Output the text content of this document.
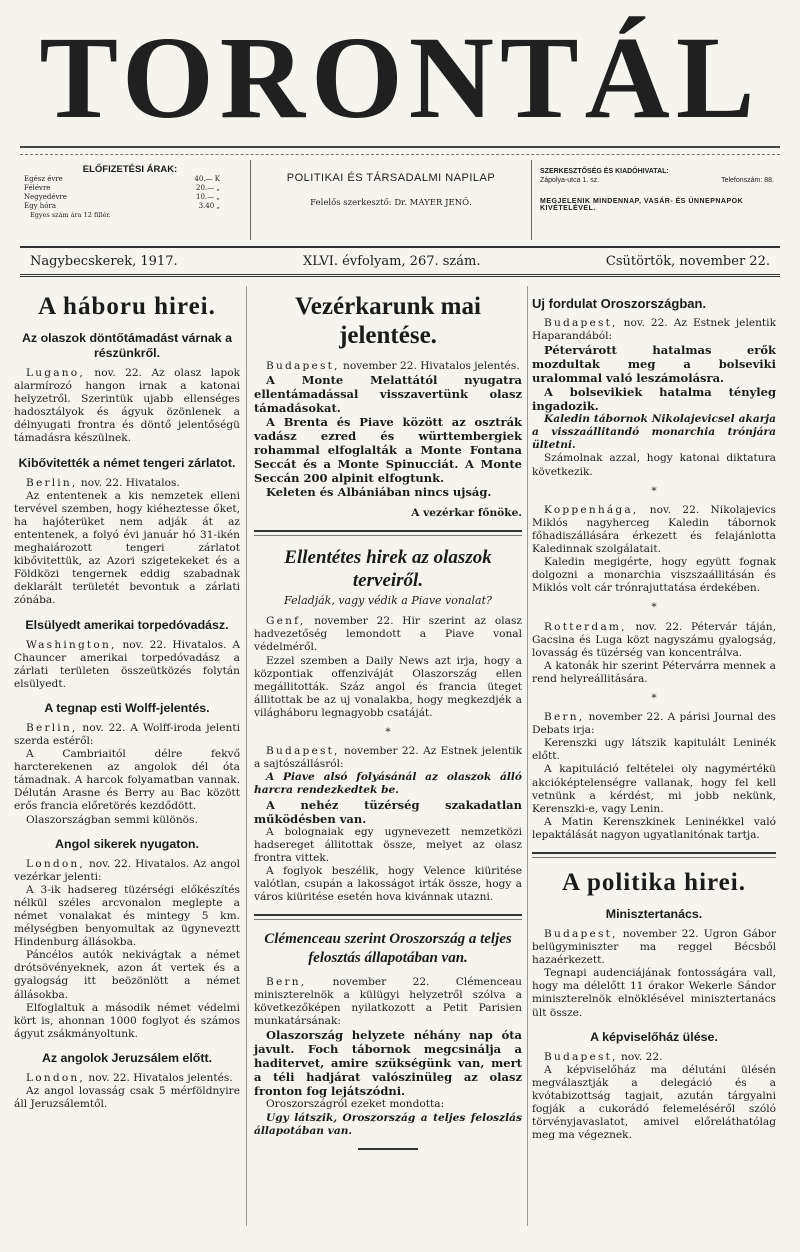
TORONTÁL
ELŐFIZETÉSI ÁRAK:
Egész évre	40.— K
Félévre	20.— „
Negyedévre	10.— „
Egy hóra	3.40 „
Egyes szám ára 12 fillér.
POLITIKAI ÉS TÁRSADALMI NAPILAP
Felelős szerkesztő: Dr. MAYER JENŐ.
SZERKESZTŐSÉG ÉS KIADÓHIVATAL:
Zápolya-utca 1. sz.	Telefonszám: 88.
MEGJELENIK MINDENNAP, VASÁR- ÉS ÜNNEPNAPOK KIVÉTELÉVEL.
Nagybecskerek, 1917.	XLVI. évfolyam, 267. szám.	Csütörtök, november 22.
A háboru hirei.
Az olaszok döntőtámadást várnak a részünkről.

Lugano, nov. 22. Az olasz lapok alarmírozó hangon irnak a katonai helyzetről. Szerintük ujabb ellenséges hadosztályok és ágyuk özönlenek a délnyugati frontra és döntő jelentőségü támadásra készülnek.

Kibővitették a német tengeri zárlatot.

Berlin, nov. 22. Hivatalos.

Az ententenek a kis nemzetek elleni tervével szemben, hogy kiéheztesse őket, ha hajóterüket nem adják át az ententenek, a folyó évi január hó 31-ikén meghaiározott tengeri zárlatot kibővitettük, az Azori szigetekeket és a Földközi tengernek eddig szabadnak deklarált területét bevontuk a zárlati zónába.

Elsülyedt amerikai torpedóvadász.

Washington, nov. 22. Hivatalos. A Chauncer amerikai torpedóvadász a zárlati területen összeütközés folytán elsülyedt.

A tegnap esti Wolff-jelentés.

Berlin, nov. 22. A Wolff-iroda jelenti szerda estéről:

A Cambriaitól délre fekvő harcterekenen az angolok dél óta támadnak. A harcok folyamatban vannak. Délután Arasne és Berry au Bac között erős francia előretörés kezdődött.

Olaszországban semmi különös.

Angol sikerek nyugaton.

London, nov. 22. Hivatalos. Az angol vezérkar jelenti:

A 3-ik hadsereg tüzérségi előkészítés nélkül széles arcvonalon meglepte a német vonalakat és mintegy 5 km. mélységben benyomultak az ügyneveztt Hindenburg állásokba.

Páncélos autók nekivágtak a német drótsövényeknek, azon át vertek és a gyalogság itt beözönlött a német állásokba.

Elfoglaltuk a második német védelmi kört is, ahonnan 1000 foglyot és számos ágyut zsákmányoltunk.

Az angolok Jeruzsálem előtt.

London, nov. 22. Hivatalos jelentés.

Az angol lovasság csak 5 mérföldnyire áll Jeruzsálemtől.

Vezérkarunk mai jelentése.

Budapest, november 22. Hivatalos jelentés.

A Monte Melattától nyugatra ellentámadással visszavertünk olasz támadásokat.

A Brenta és Piave között az osztrák vadász ezred és württembergiek rohammal elfoglalták a Monte Fontana Seccát és a Monte Spinucciát. A Monte Seccán 200 alpinit elfogtunk.

Keleten és Albániában nincs ujság.

A vezérkar főnöke.
Ellentétes hirek az olaszok terveiről.
Feladják, vagy védik a Piave vonalat?

Genf, november 22. Hir szerint az olasz hadvezetőség lemondott a Piave vonal védelméről.

Ezzel szemben a Daily News azt irja, hogy a központiak offenziváját Olaszország ellen megállitották. Száz angol és francia üteget állitottak be az uj vonalakba, hogy megkezdjék a világháboru legnagyobb csatáját.

*

Budapest, november 22. Az Estnek jelentik a sajtószállásról:

A Piave alsó folyásánál az olaszok álló harcra rendezkedtek be.

A nehéz tüzérség szakadatlan működésben van.

A bolognaiak egy ugynevezett nemzetközi hadsereget állitottak össze, melyet az olasz frontra vittek.

A foglyok beszélik, hogy Velence kiüritése valótlan, csupán a lakosságot irták össze, hogy a város kiüritése esetén hova kivánnak utazni.

Clémenceau szerint Oroszország a teljes felosztás állapotában van.

Bern, november 22. Clémenceau miniszterelnök a külügyi helyzetről szólva a következőképen nyilatkozott a Petit Parisien munkatársának:

Olaszország helyzete néhány nap óta javult. Foch tábornok megcsinálja a haditervet, amire szükségünk van, mert a téli hadjárat valószinüleg az olasz fronton fog lejátszódni.

Oroszországról ezeket mondotta:

Ugy látszik, Oroszország a teljes feloszlás állapotában van.

Uj fordulat Oroszországban.

Budapest, nov. 22. Az Estnek jelentik Haparandából:

Pétervárott hatalmas erők mozdultak meg a bolseviki uralommal való leszámolásra.

A bolsevikiek hatalma tényleg ingadozik.

Kaledin tábornok Nikolajevicsel akarja a visszaállitandó monarchia trónjára ültetni.

Számolnak azzal, hogy katonai diktatura következik.

*

Koppenhága, nov. 22. Nikolajevics Miklós nagyherceg Kaledin tábornok főhadiszállására érkezett és felajánlotta Kaledinnak szolgálatait.

Kaledin megigérte, hogy együtt fognak dolgozni a monarchia viszszaállitásán és Miklós volt cár trónrajuttatása érdekében.

*

Rotterdam, nov. 22. Pétervár táján, Gacsina és Luga közt nagyszámu gyalogság, lovasság és tüzérség van koncentrálva.

A katonák hir szerint Pétervárra mennek a rend helyreállitására.

*

Bern, november 22. A párisi Journal des Debats irja:

Kerenszki ugy látszik kapitulált Leninék előtt.

A kapituláció feltételei oly nagymértékü akcióképtelenségre vallanak, hogy fel kell vetnünk a kérdést, mi jobb nekünk, Kerenszki-e, vagy Lenin.

A Matin Kerenszkinek Leninékkel való lepaktálását nagyon ugyatlanitónak tartja.

A politika hirei.
Minisztertanács.

Budapest, november 22. Ugron Gábor belügyminiszter ma reggel Bécsből hazaérkezett.

Tegnapi audenciájának fontosságára vall, hogy ma délelőtt 11 órakor Wekerle Sándor miniszterelnök elnöklésével minisztertanács ült össze.

A képviselőház ülése.

Budapest, nov. 22.

A képviselőház ma délutáni ülésén megválasztják a delegáció és a kvótabizottság tagjait, azután tárgyalni fogják a cukorádó felemeléséről szóló törvényjavaslatot, amivel előreláthatólag meg ma végeznek.
